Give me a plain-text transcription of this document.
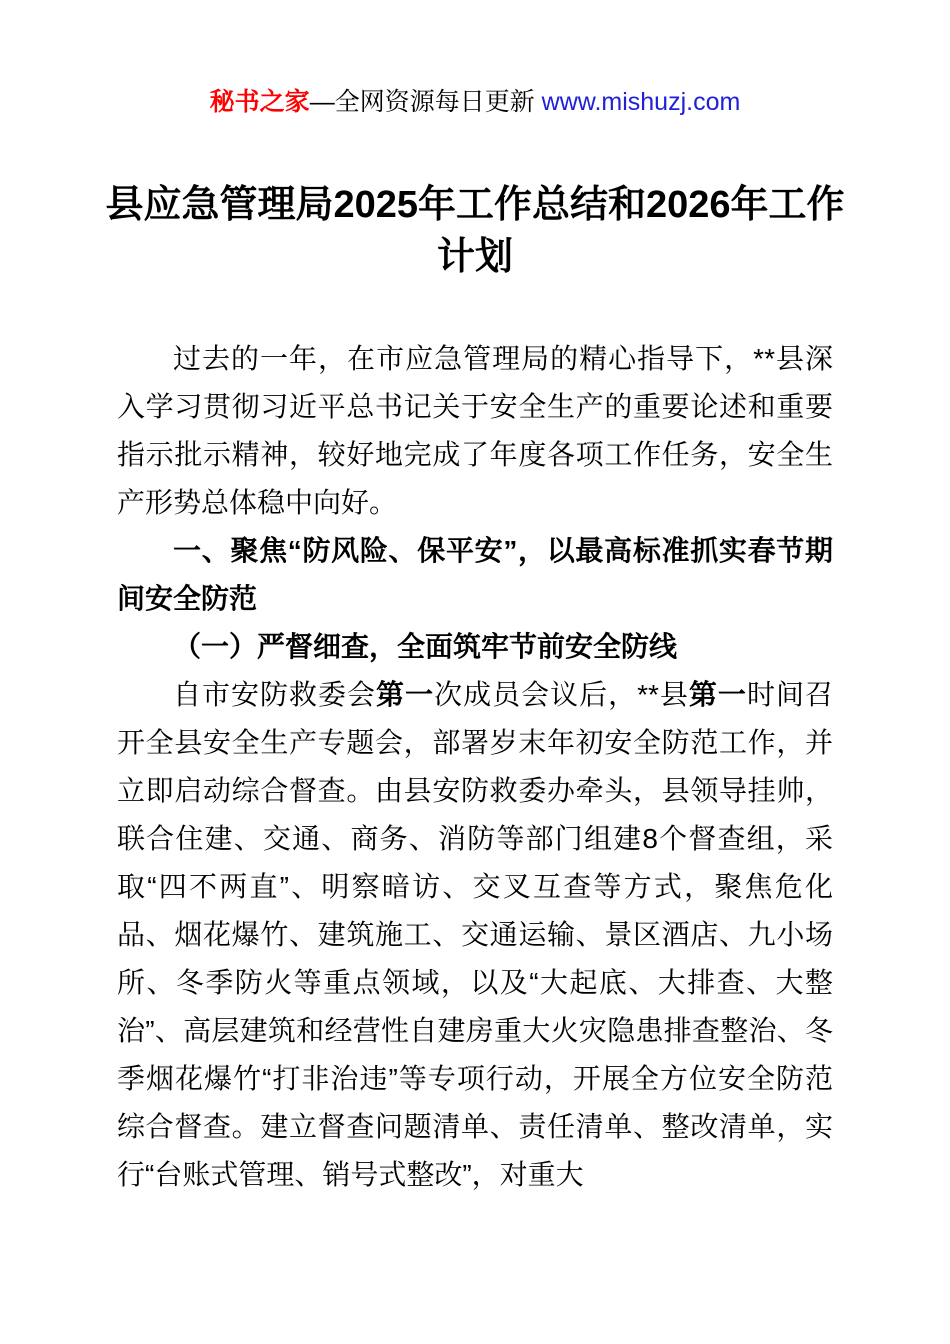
秘书之家—全网资源每日更新 www.mishuzj.com
县应急管理局2025年工作总结和2026年工作计划

过去的一年，在市应急管理局的精心指导下，**县深入学习贯彻习近平总书记关于安全生产的重要论述和重要指示批示精神，较好地完成了年度各项工作任务，安全生产形势总体稳中向好。

一、聚焦“防风险、保平安”，以最高标准抓实春节期间安全防范

（一）严督细查，全面筑牢节前安全防线

自市安防救委会第一次成员会议后，**县第一时间召开全县安全生产专题会，部署岁末年初安全防范工作，并立即启动综合督查。由县安防救委办牵头，县领导挂帅，联合住建、交通、商务、消防等部门组建8个督查组，采取“四不两直”、明察暗访、交叉互查等方式，聚焦危化品、烟花爆竹、建筑施工、交通运输、景区酒店、九小场所、冬季防火等重点领域，以及“大起底、大排查、大整治”、高层建筑和经营性自建房重大火灾隐患排查整治、冬季烟花爆竹“打非治违”等专项行动，开展全方位安全防范综合督查。建立督查问题清单、责任清单、整改清单，实行“台账式管理、销号式整改”，对重大
